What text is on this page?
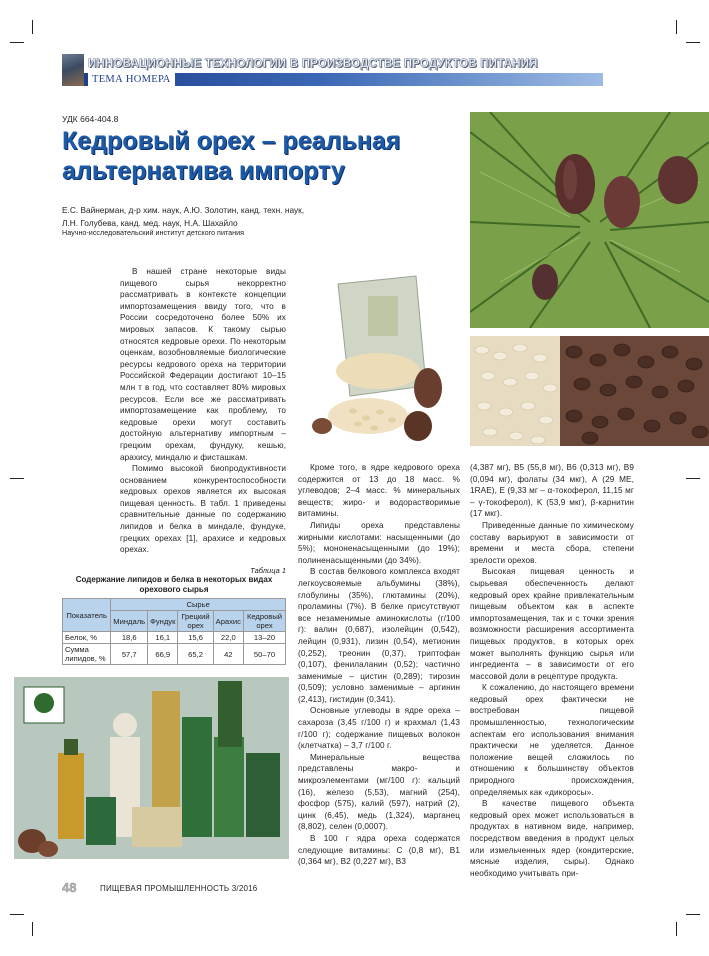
ИННОВАЦИОННЫЕ ТЕХНОЛОГИИ В ПРОИЗВОДСТВЕ ПРОДУКТОВ ПИТАНИЯ
ТЕМА НОМЕРА
УДК 664-404.8
Кедровый орех – реальная альтернатива импорту
Е.С. Вайнерман, д-р хим. наук, А.Ю. Золотин, канд. техн. наук,
Л.Н. Голубева, канд. мед. наук, Н.А. Шахайло
Научно-исследовательский институт детского питания

В нашей стране некоторые виды пищевого сырья некорректно рассматривать в контексте концепции импортозамещения ввиду того, что в России сосредоточено более 50% их мировых запасов. К такому сырью относятся кедровые орехи. По некоторым оценкам, возобновляемые биологические ресурсы кедрового ореха на территории Российской Федерации достигают 10–15 млн т в год, что составляет 80% мировых ресурсов. Если все же рассматривать импортозамещение как проблему, то кедровые орехи могут составить достойную альтернативу импортным – грецким орехам, фундуку, кешью, арахису, миндалю и фисташкам.

Помимо высокой биопродуктивности основанием конкурентоспособности кедровых орехов является их высокая пищевая ценность. В табл. 1 приведены сравнительные данные по содержанию липидов и белка в миндале, фундуке, грецких орехах [1], арахисе и кедровых орехах.

Таблица 1
Содержание липидов и белка в некоторых видах орехового сырья
Показатель	Сырье				
	Миндаль	Фундук	Грецкий орех	Арахис	Кедровый орех
Белок, %	18,6	16,1	15,6	22,0	13–20
Сумма липидов, %	57,7	66,9	65,2	42	50–70

Кроме того, в ядре кедрового ореха содержится от 13 до 18 масс. % углеводов; 2–4 масс. % минеральных веществ; жиро- и водорастворимые витамины.

Липиды ореха представлены жирными кислотами: насыщенными (до 5%); мононенасыщенными (до 19%); полиненасыщенными (до 34%).

В состав белкового комплекса входят легкоусвояемые альбумины (38%), глобулины (35%), глютамины (20%), проламины (7%). В белке присутствуют все незаменимые аминокислоты (г/100 г): валин (0,687), изолейцин (0,542), лейцин (0,931), лизин (0,54), метионин (0,252), треонин (0,37), триптофан (0,107), фенилаланин (0,52); частично заменимые – цистин (0,289); тирозин (0,509); условно заменимые – аргинин (2,413), гистидин (0,341).

Основные углеводы в ядре ореха – сахароза (3,45 г/100 г) и крахмал (1,43 г/100 г); содержание пищевых волокон (клетчатка) – 3,7 г/100 г.

Минеральные вещества представлены макро- и микроэлементами (мг/100 г): кальций (16), железо (5,53), магний (254), фосфор (575), калий (597), натрий (2), цинк (6,45), медь (1,324), марганец (8,802), селен (0,0007).

В 100 г ядра ореха содержатся следующие витамины: С (0,8 мг), B1 (0,364 мг), B2 (0,227 мг), B3

(4,387 мг), B5 (55,8 мг), B6 (0,313 мг), B9 (0,094 мг), фолаты (34 мкг), А (29 МЕ, 1RAE), Е (9,33 мг – α-токоферол, 11,15 мг – γ-токоферол), K (53,9 мкг), β-карнитин (17 мкг).

Приведенные данные по химическому составу варьируют в зависимости от времени и места сбора, степени зрелости орехов.

Высокая пищевая ценность и сырьевая обеспеченность делают кедровый орех крайне привлекательным пищевым объектом как в аспекте импортозамещения, так и с точки зрения возможности расширения ассортимента пищевых продуктов, в которых орех может выполнять функцию сырья или ингредиента – в зависимости от его массовой доли в рецептуре продукта.

К сожалению, до настоящего времени кедровый орех фактически не востребован пищевой промышленностью, технологическим аспектам его использования внимания практически не уделяется. Данное положение вещей сложилось по отношению к большинству объектов природного происхождения, определяемых как «дикоросы».

В качестве пищевого объекта кедровый орех может использоваться в продуктах в нативном виде, например, посредством введения в продукт целых или измельченных ядер (кондитерские, мясные изделия, сыры). Однако необходимо учитывать при-

48	ПИЩЕВАЯ ПРОМЫШЛЕННОСТЬ 3/2016
